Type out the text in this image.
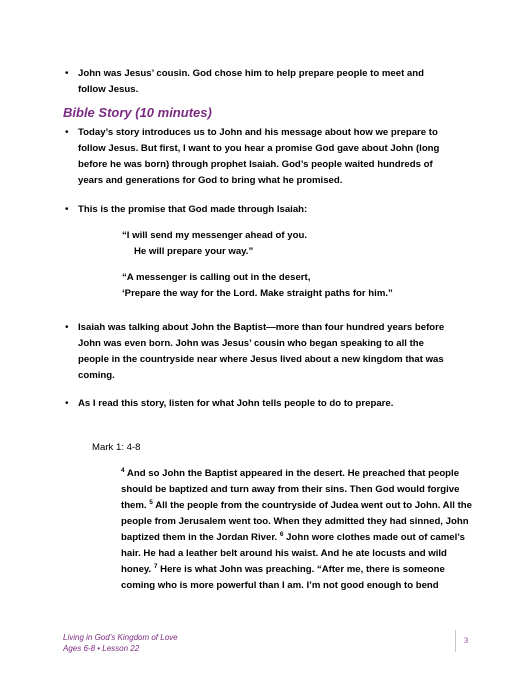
• John was Jesus’ cousin. God chose him to help prepare people to meet and
follow Jesus.
Bible Story (10 minutes)
• Today’s story introduces us to John and his message about how we prepare to
follow Jesus. But first, I want to you hear a promise God gave about John (long
before he was born) through prophet Isaiah. God’s people waited hundreds of
years and generations for God to bring what he promised.
• This is the promise that God made through Isaiah:
“I will send my messenger ahead of you.
He will prepare your way.”
“A messenger is calling out in the desert,
‘Prepare the way for the Lord. Make straight paths for him.”
• Isaiah was talking about John the Baptist—more than four hundred years before
John was even born. John was Jesus’ cousin who began speaking to all the
people in the countryside near where Jesus lived about a new kingdom that was
coming.
• As I read this story, listen for what John tells people to do to prepare.
Mark 1: 4-8
$^4$ And so John the Baptist appeared in the desert. He preached that people should be baptized and turn away from their sins. Then God would forgive them. $^5$ All the people from the countryside of Judea went out to John. All the people from Jerusalem went too. When they admitted they had sinned, John baptized them in the Jordan River. $^6$ John wore clothes made out of camel’s hair. He had a leather belt around his waist. And he ate locusts and wild honey. $^7$ Here is what John was preaching. “After me, there is someone coming who is more powerful than I am. I’m not good enough to bend
Living in God’s Kingdom of Love
Ages 6-8 • Lesson 22
3
